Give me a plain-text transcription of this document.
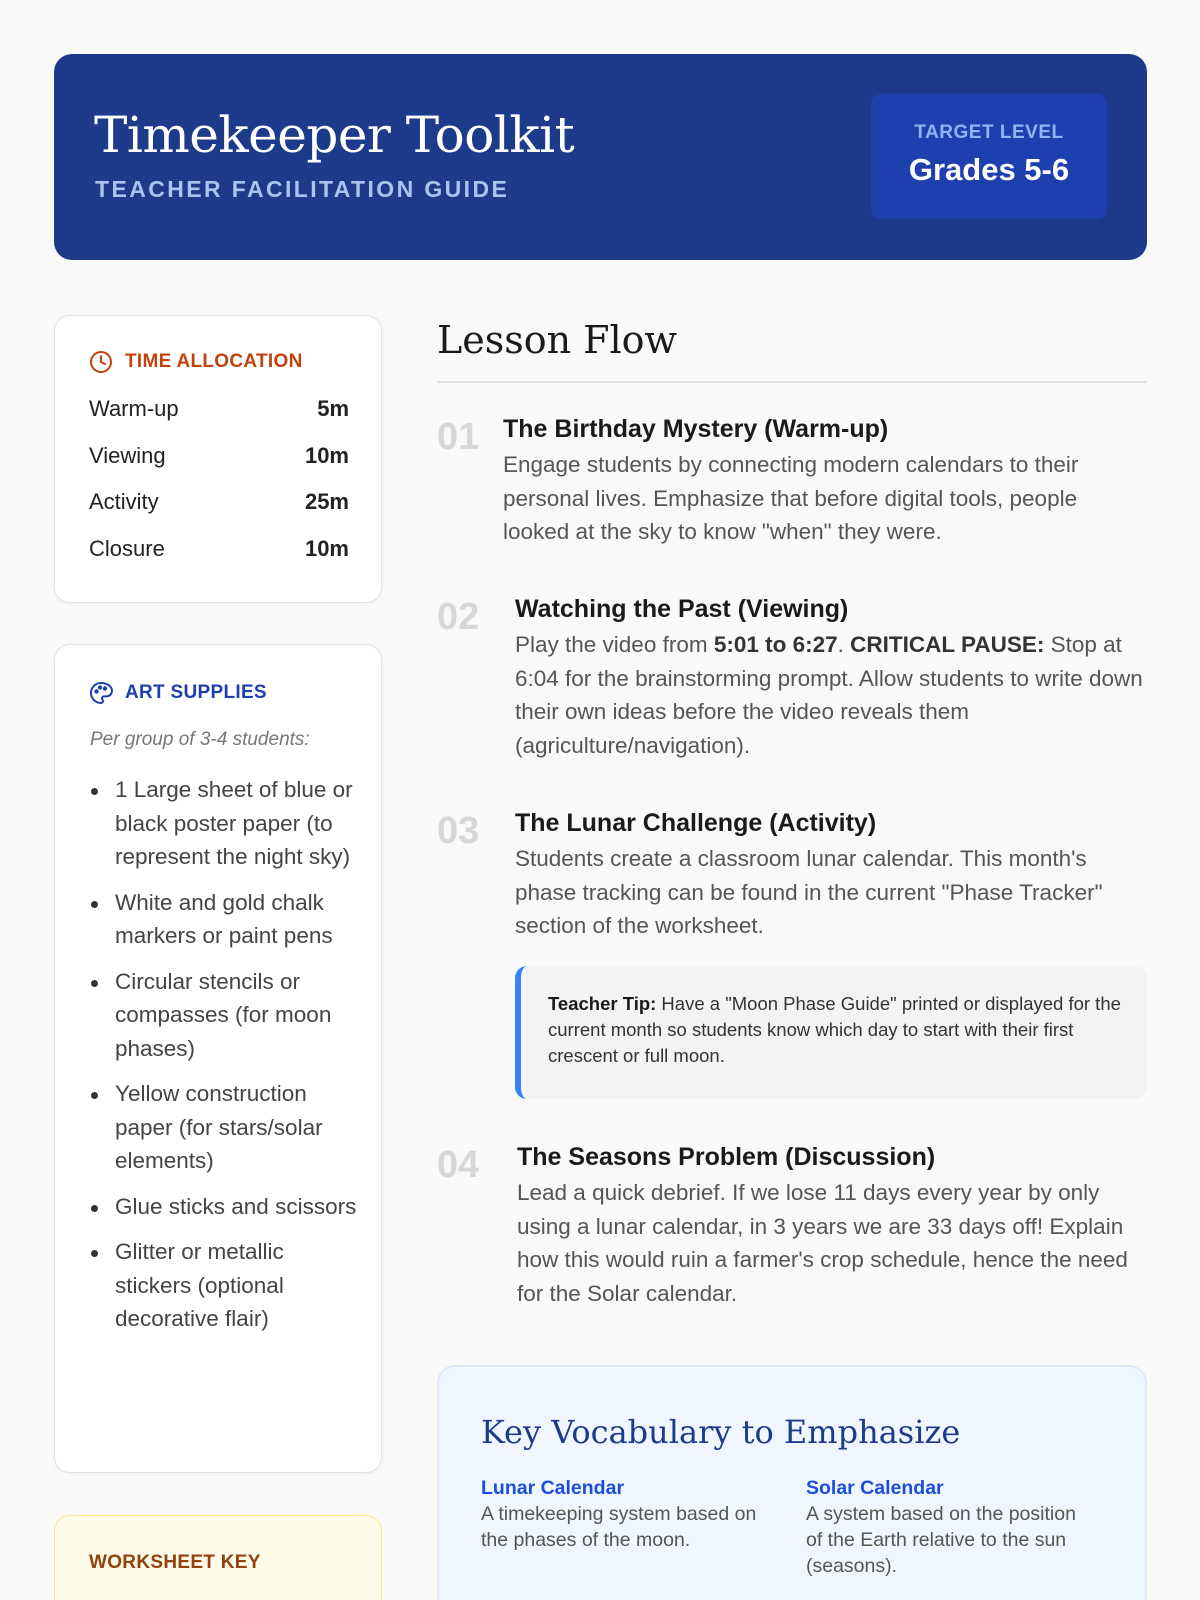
Timekeeper Toolkit
TEACHER FACILITATION GUIDE
TARGET LEVEL
Grades 5-6
TIME ALLOCATION
Warm-up	5m
Viewing	10m
Activity	25m
Closure	10m
ART SUPPLIES
Per group of 3-4 students:
1 Large sheet of blue or black poster paper (to represent the night sky)
White and gold chalk markers or paint pens
Circular stencils or compasses (for moon phases)
Yellow construction paper (for stars/solar elements)
Glue sticks and scissors
Glitter or metallic stickers (optional decorative flair)
WORKSHEET KEY
Lesson Flow
01 The Birthday Mystery (Warm-up)
Engage students by connecting modern calendars to their personal lives. Emphasize that before digital tools, people looked at the sky to know "when" they were.
02 Watching the Past (Viewing)
Play the video from 5:01 to 6:27. CRITICAL PAUSE: Stop at 6:04 for the brainstorming prompt. Allow students to write down their own ideas before the video reveals them (agriculture/navigation).
03 The Lunar Challenge (Activity)
Students create a classroom lunar calendar. This month's phase tracking can be found in the current "Phase Tracker" section of the worksheet.
Teacher Tip: Have a "Moon Phase Guide" printed or displayed for the current month so students know which day to start with their first crescent or full moon.
04 The Seasons Problem (Discussion)
Lead a quick debrief. If we lose 11 days every year by only using a lunar calendar, in 3 years we are 33 days off! Explain how this would ruin a farmer's crop schedule, hence the need for the Solar calendar.
Key Vocabulary to Emphasize
Lunar Calendar
A timekeeping system based on the phases of the moon.
Solar Calendar
A system based on the position of the Earth relative to the sun (seasons).
